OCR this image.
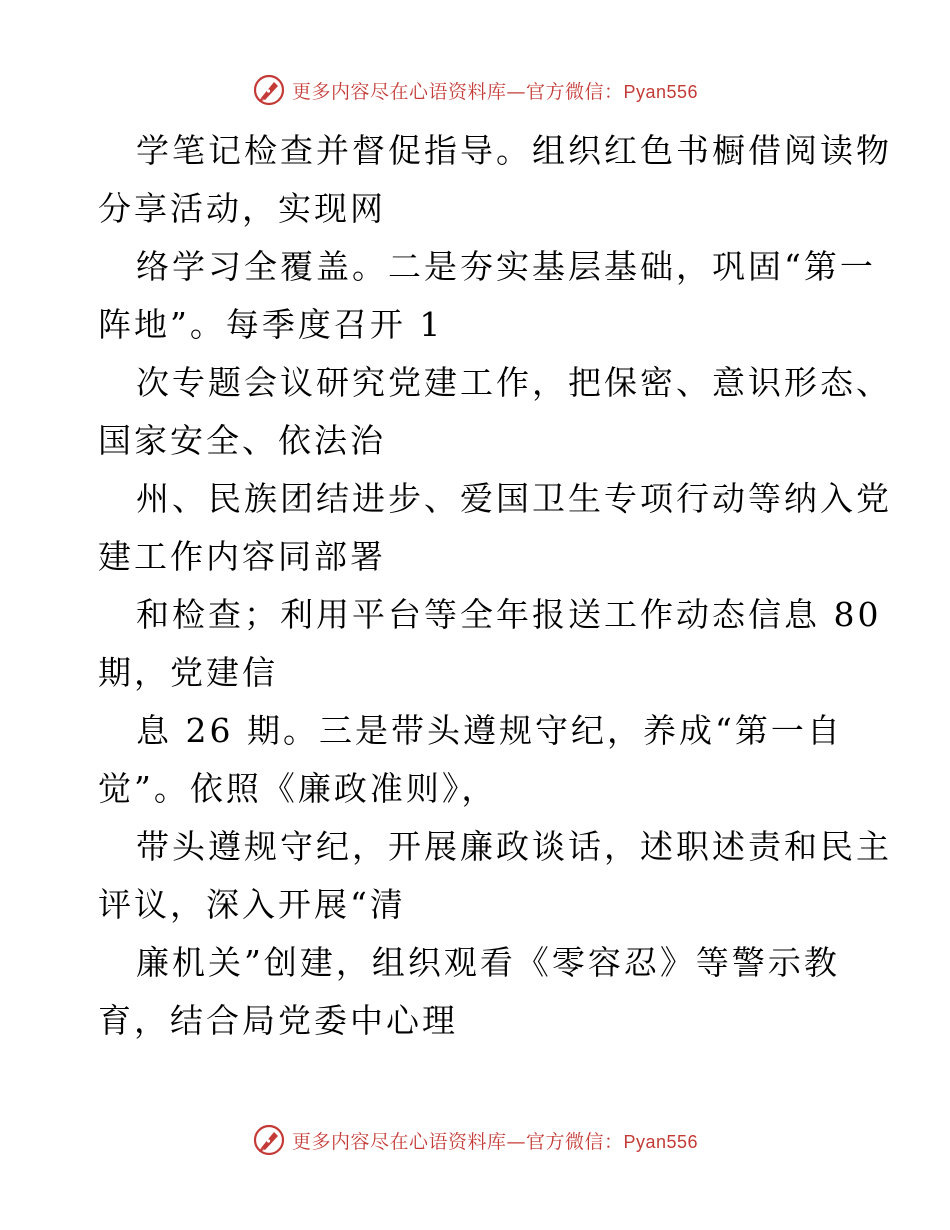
更多内容尽在心语资料库—官方微信：Pyan556
学笔记检查并督促指导。组织红色书橱借阅读物
分享活动，实现网
络学习全覆盖。二是夯实基层基础，巩固“第一
阵地”。每季度召开 1
次专题会议研究党建工作，把保密、意识形态、
国家安全、依法治
州、民族团结进步、爱国卫生专项行动等纳入党
建工作内容同部署
和检查；利用平台等全年报送工作动态信息 80
期，党建信
息 26 期。三是带头遵规守纪，养成“第一自
觉”。依照《廉政准则》，
带头遵规守纪，开展廉政谈话，述职述责和民主
评议，深入开展“清
廉机关”创建，组织观看《零容忍》等警示教
育，结合局党委中心理
更多内容尽在心语资料库—官方微信：Pyan556
